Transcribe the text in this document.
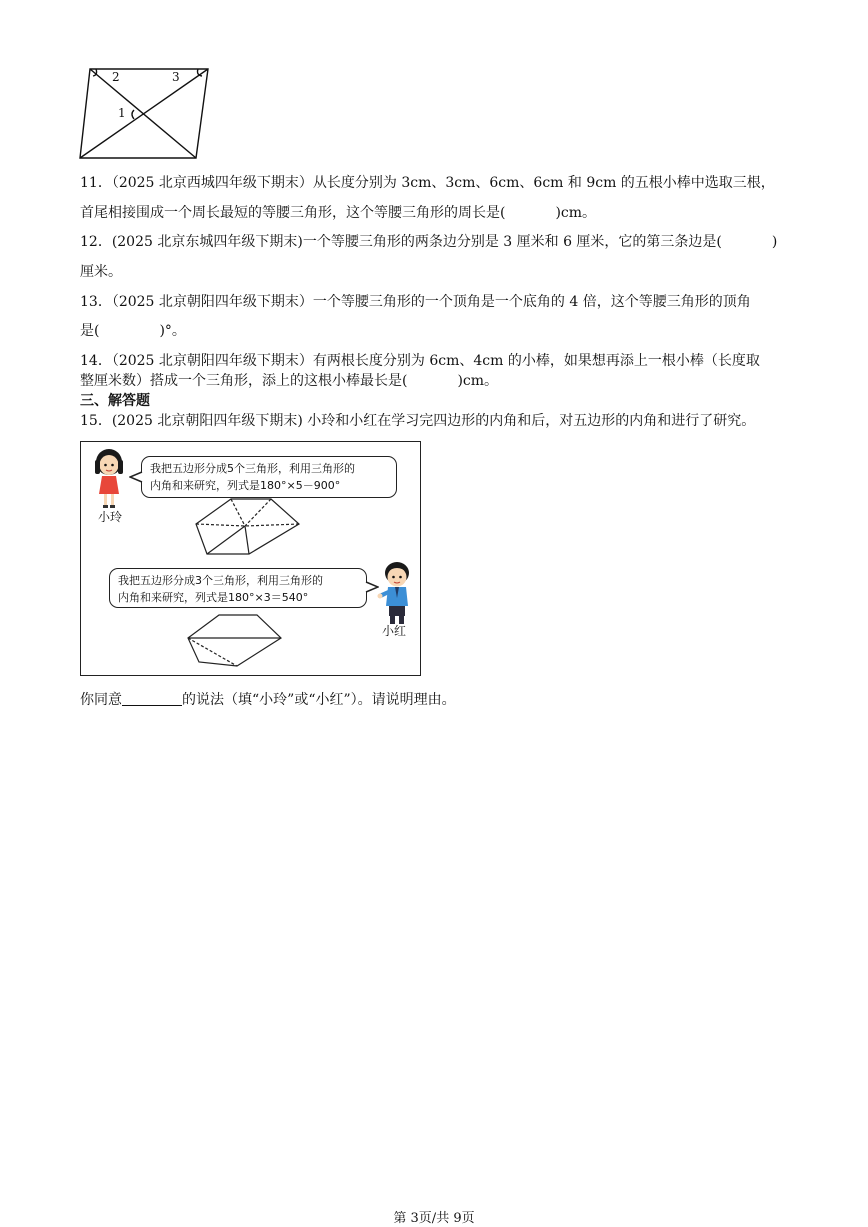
2	3
1
11．（2025 北京西城四年级下期末）从长度分别为 3cm、3cm、6cm、6cm 和 9cm 的五根小棒中选取三根，
首尾相接围成一个周长最短的等腰三角形，这个等腰三角形的周长是(	)cm。
12．(2025 北京东城四年级下期末)一个等腰三角形的两条边分别是 3 厘米和 6 厘米，它的第三条边是(	)
厘米。
13．（2025 北京朝阳四年级下期末）一个等腰三角形的一个顶角是一个底角的 4 倍，这个等腰三角形的顶角
是(	)°。
14．（2025 北京朝阳四年级下期末）有两根长度分别为 6cm、4cm 的小棒，如果想再添上一根小棒（长度取
整厘米数）搭成一个三角形，添上的这根小棒最长是(	)cm。
三、解答题
15．(2025 北京朝阳四年级下期末) 小玲和小红在学习完四边形的内角和后，对五边形的内角和进行了研究。
小玲
我把五边形分成5个三角形，利用三角形的
内角和来研究，列式是180°×5－900°
小红
我把五边形分成3个三角形，利用三角形的
内角和来研究，列式是180°×3＝540°
你同意	的说法（填“小玲”或“小红”）。请说明理由。
第 3页/共 9页
